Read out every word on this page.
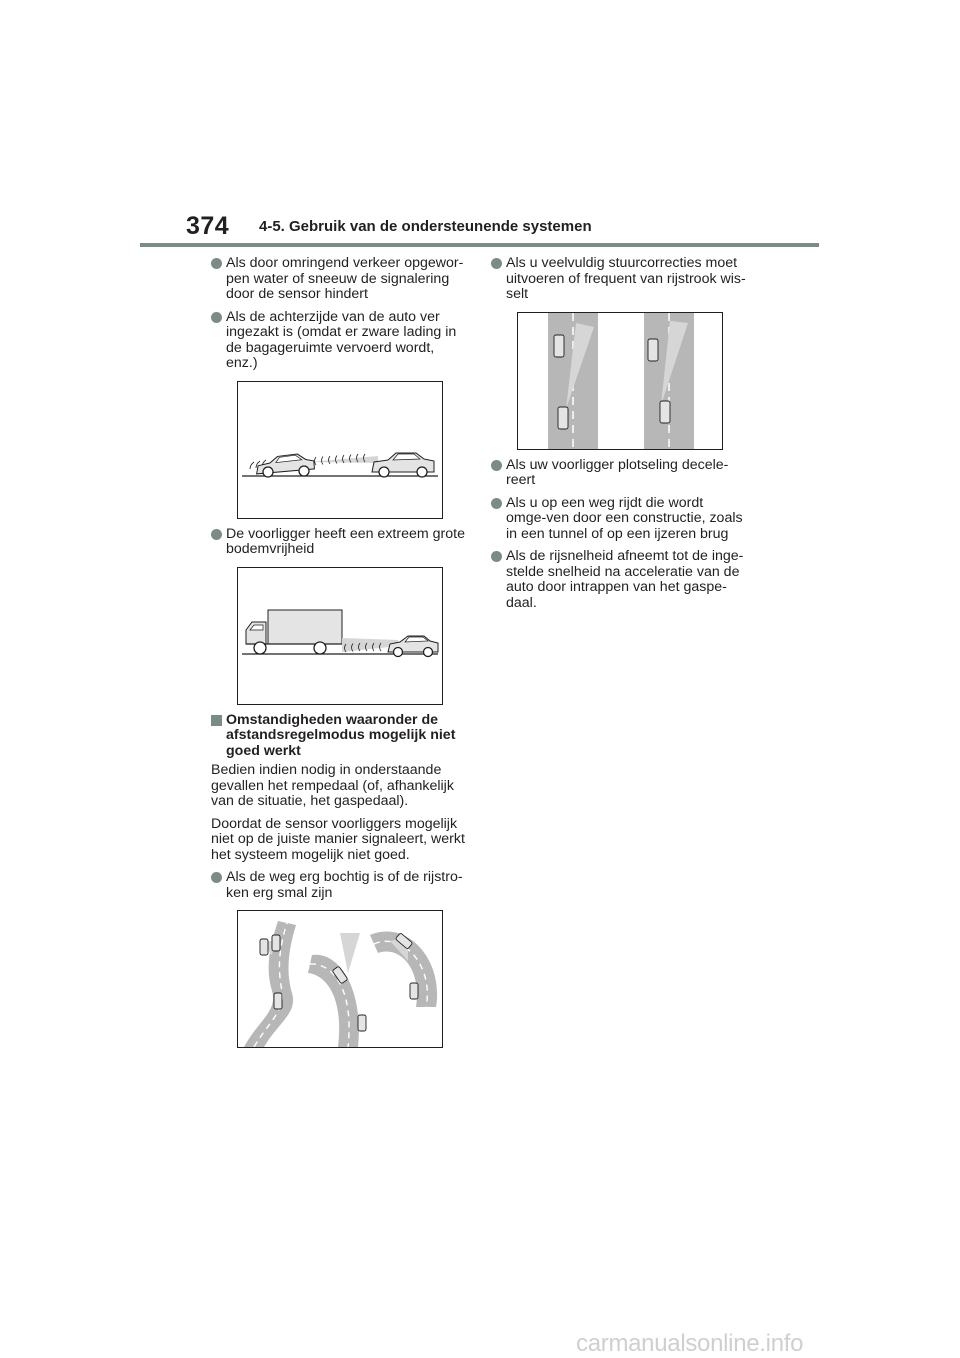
374 4-5. Gebruik van de ondersteunende systemen
Als door omringend verkeer opgewor-pen water of sneeuw de signalering door de sensor hindert
Als de achterzijde van de auto ver ingezakt is (omdat er zware lading in de bagageruimte vervoerd wordt, enz.)
De voorligger heeft een extreem grote bodemvrijheid
Omstandigheden waaronder de afstandsregelmodus mogelijk niet goed werkt

Bedien indien nodig in onderstaande gevallen het rempedaal (of, afhankelijk van de situatie, het gaspedaal).

Doordat de sensor voorliggers mogelijk niet op de juiste manier signaleert, werkt het systeem mogelijk niet goed.

Als de weg erg bochtig is of de rijstro-ken erg smal zijn
Als u veelvuldig stuurcorrecties moet uitvoeren of frequent van rijstrook wis-selt
Als uw voorligger plotseling decele-reert
Als u op een weg rijdt die wordt omge-ven door een constructie, zoals in een tunnel of op een ijzeren brug
Als de rijsnelheid afneemt tot de inge-stelde snelheid na acceleratie van de auto door intrappen van het gaspe-daal.
carmanualsonline.info
